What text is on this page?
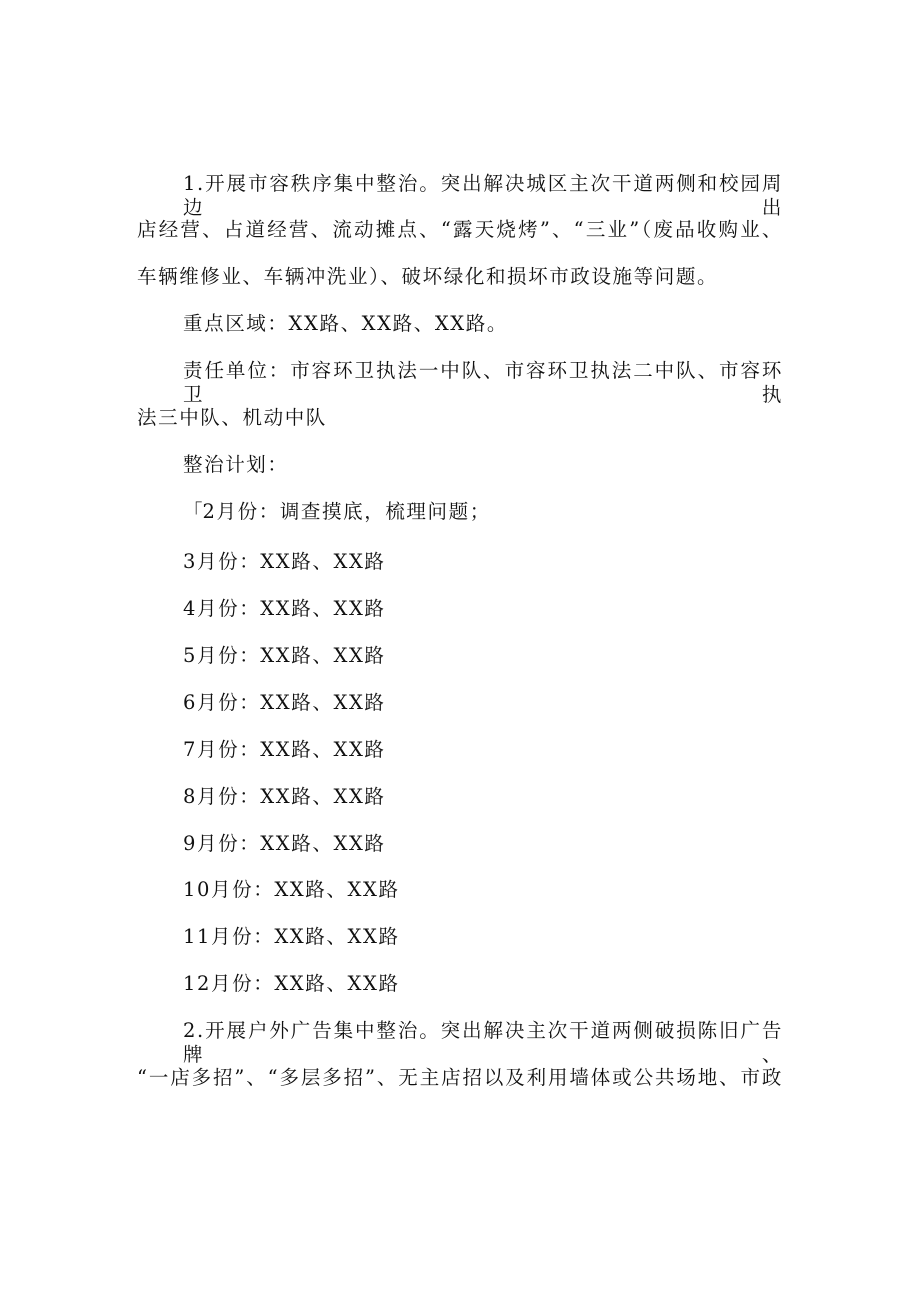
1.开展市容秩序集中整治。突出解决城区主次干道两侧和校园周边出
店经营、占道经营、流动摊点、“露天烧烤”、“三业”（废品收购业、
车辆维修业、车辆冲洗业）、破坏绿化和损坏市政设施等问题。
重点区域：XX路、XX路、XX路。
责任单位：市容环卫执法一中队、市容环卫执法二中队、市容环卫执
法三中队、机动中队
整治计划：
「2月份：调查摸底，梳理问题；
3月份：XX路、XX路
4月份：XX路、XX路
5月份：XX路、XX路
6月份：XX路、XX路
7月份：XX路、XX路
8月份：XX路、XX路
9月份：XX路、XX路
10月份：XX路、XX路
11月份：XX路、XX路
12月份：XX路、XX路
2.开展户外广告集中整治。突出解决主次干道两侧破损陈旧广告牌、
“一店多招”、“多层多招”、无主店招以及利用墙体或公共场地、市政
